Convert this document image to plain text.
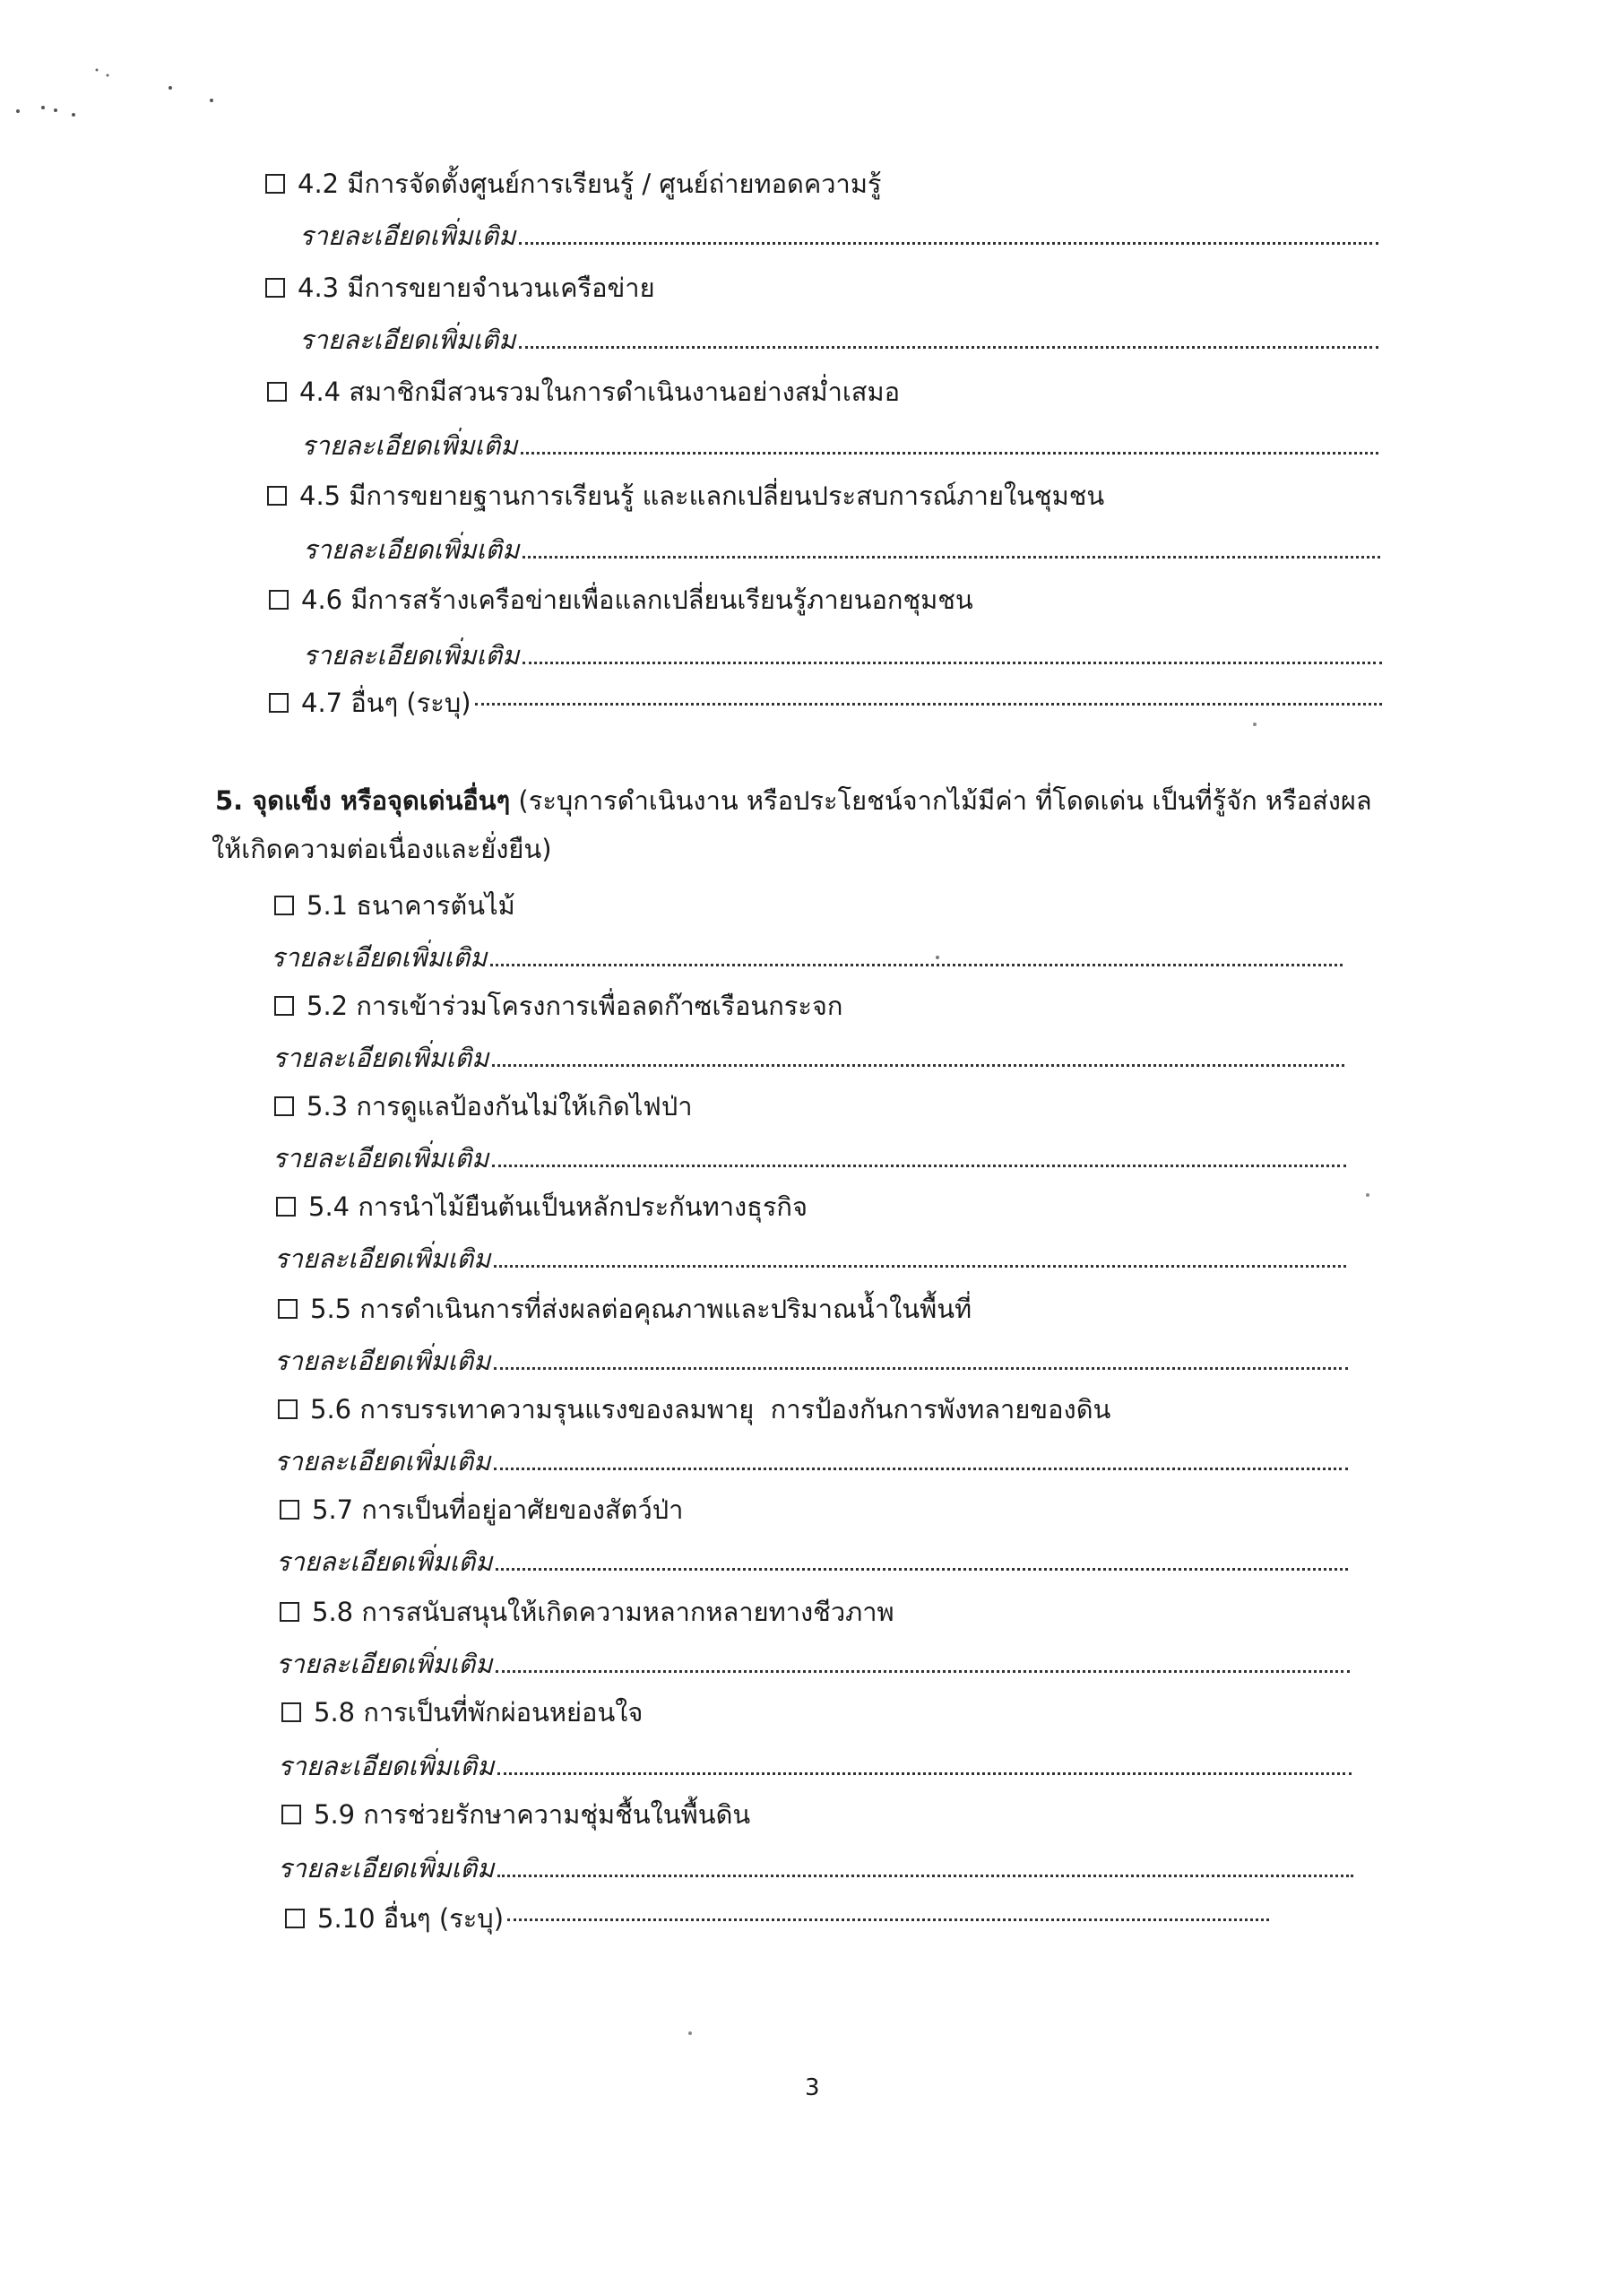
4.2 มีการจัดตั้งศูนย์การเรียนรู้ / ศูนย์ถ่ายทอดความรู้
รายละเอียดเพิ่มเติม
4.3 มีการขยายจำนวนเครือข่าย
รายละเอียดเพิ่มเติม
4.4 สมาชิกมีสวนรวมในการดำเนินงานอย่างสม่ำเสมอ
รายละเอียดเพิ่มเติม
4.5 มีการขยายฐานการเรียนรู้ และแลกเปลี่ยนประสบการณ์ภายในชุมชน
รายละเอียดเพิ่มเติม
4.6 มีการสร้างเครือข่ายเพื่อแลกเปลี่ยนเรียนรู้ภายนอกชุมชน
รายละเอียดเพิ่มเติม
4.7 อื่นๆ (ระบุ)
5. จุดแข็ง หรือจุดเด่นอื่นๆ (ระบุการดำเนินงาน หรือประโยชน์จากไม้มีค่า ที่โดดเด่น เป็นที่รู้จัก หรือส่งผล
ให้เกิดความต่อเนื่องและยั่งยืน)
5.1 ธนาคารต้นไม้
รายละเอียดเพิ่มเติม
5.2 การเข้าร่วมโครงการเพื่อลดก๊าซเรือนกระจก
รายละเอียดเพิ่มเติม
5.3 การดูแลป้องกันไม่ให้เกิดไฟป่า
รายละเอียดเพิ่มเติม
5.4 การนำไม้ยืนต้นเป็นหลักประกันทางธุรกิจ
รายละเอียดเพิ่มเติม
5.5 การดำเนินการที่ส่งผลต่อคุณภาพและปริมาณน้ำในพื้นที่
รายละเอียดเพิ่มเติม
5.6 การบรรเทาความรุนแรงของลมพายุ  การป้องกันการพังทลายของดิน
รายละเอียดเพิ่มเติม
5.7 การเป็นที่อยู่อาศัยของสัตว์ป่า
รายละเอียดเพิ่มเติม
5.8 การสนับสนุนให้เกิดความหลากหลายทางชีวภาพ
รายละเอียดเพิ่มเติม
5.8 การเป็นที่พักผ่อนหย่อนใจ
รายละเอียดเพิ่มเติม
5.9 การช่วยรักษาความชุ่มชื้นในพื้นดิน
รายละเอียดเพิ่มเติม
5.10 อื่นๆ (ระบุ)
3
